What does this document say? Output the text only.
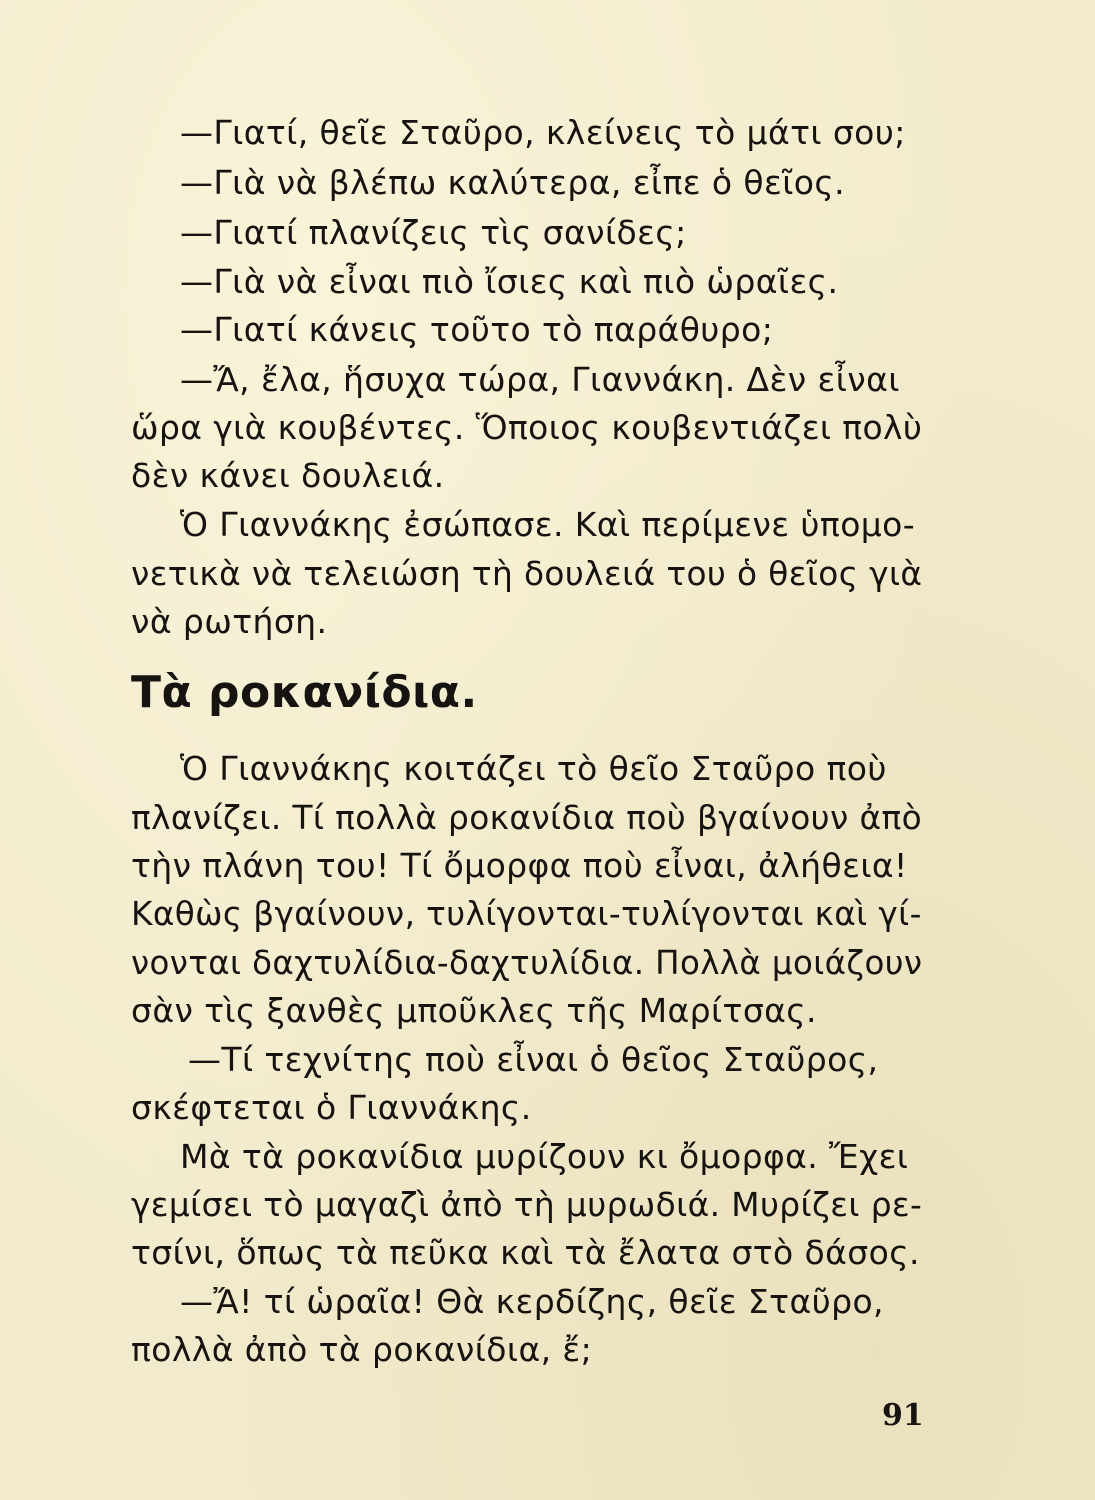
—Γιατί, θεῖε Σταῦρο, κλείνεις τὸ μάτι σου;
—Γιὰ νὰ βλέπω καλύτερα, εἶπε ὁ θεῖος.
—Γιατί πλανίζεις τὶς σανίδες;
—Γιὰ νὰ εἶναι πιὸ ἴσιες καὶ πιὸ ὡραῖες.
—Γιατί κάνεις τοῦτο τὸ παράθυρο;
—Ἄ, ἔλα, ἥσυχα τώρα, Γιαννάκη. Δὲν εἶναι
ὥρα γιὰ κουβέντες. Ὅποιος κουβεντιάζει πολὺ
δὲν κάνει δουλειά.
Ὁ Γιαννάκης ἐσώπασε. Καὶ περίμενε ὑπομο-
νετικὰ νὰ τελειώση τὴ δουλειά του ὁ θεῖος γιὰ
νὰ ρωτήση.
Τὰ ροκανίδια.
Ὁ Γιαννάκης κοιτάζει τὸ θεῖο Σταῦρο ποὺ
πλανίζει. Τί πολλὰ ροκανίδια ποὺ βγαίνουν ἀπὸ
τὴν πλάνη του! Τί ὄμορφα ποὺ εἶναι, ἀλήθεια!
Καθὼς βγαίνουν, τυλίγονται-τυλίγονται καὶ γί-
νονται δαχτυλίδια-δαχτυλίδια. Πολλὰ μοιάζουν
σὰν τὶς ξανθὲς μποῦκλες τῆς Μαρίτσας.
—Τί τεχνίτης ποὺ εἶναι ὁ θεῖος Σταῦρος,
σκέφτεται ὁ Γιαννάκης.
Μὰ τὰ ροκανίδια μυρίζουν κι ὄμορφα. Ἔχει
γεμίσει τὸ μαγαζὶ ἀπὸ τὴ μυρωδιά. Μυρίζει ρε-
τσίνι, ὅπως τὰ πεῦκα καὶ τὰ ἔλατα στὸ δάσος.
—Ἄ! τί ὡραῖα! Θὰ κερδίζης, θεῖε Σταῦρο,
πολλὰ ἀπὸ τὰ ροκανίδια, ἔ;
91
